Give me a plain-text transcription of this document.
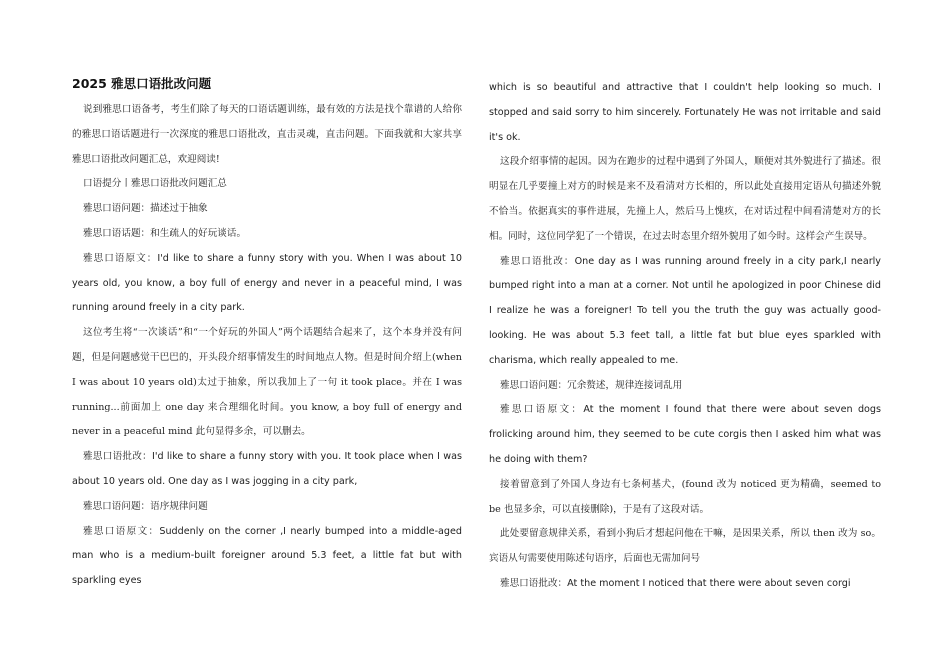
2025 雅思口语批改问题

说到雅思口语备考，考生们除了每天的口语话题训练，最有效的方法是找个靠谱的人给你的雅思口语话题进行一次深度的雅思口语批改，直击灵魂，直击问题。下面我就和大家共享雅思口语批改问题汇总，欢迎阅读!

口语提分丨雅思口语批改问题汇总

雅思口语问题：描述过于抽象

雅思口语话题：和生疏人的好玩谈话。

雅思口语原文：I'd like to share a funny story with you. When I was about 10 years old, you know, a boy full of energy and never in a peaceful mind, I was running around freely in a city park.

这位考生将“一次谈话”和“一个好玩的外国人”两个话题结合起来了，这个本身并没有问题，但是问题感觉干巴巴的，开头段介绍事情发生的时间地点人物。但是时间介绍上(when I was about 10 years old)太过于抽象，所以我加上了一句 it took place。并在 I was running...前面加上 one day 来合理细化时间。you know, a boy full of energy and never in a peaceful mind 此句显得多余，可以删去。

雅思口语批改：I'd like to share a funny story with you. It took place when I was about 10 years old. One day as I was jogging in a city park,

雅思口语问题：语序规律问题

雅思口语原文：Suddenly on the corner ,I nearly bumped into a middle-aged man who is a medium-built foreigner around 5.3 feet, a little fat but with sparkling eyes

which is so beautiful and attractive that I couldn't help looking so much. I stopped and said sorry to him sincerely. Fortunately He was not irritable and said it's ok.

这段介绍事情的起因。因为在跑步的过程中遇到了外国人，顺便对其外貌进行了描述。很明显在几乎要撞上对方的时候是来不及看清对方长相的，所以此处直接用定语从句描述外貌不恰当。依据真实的事件进展，先撞上人，然后马上愧疚，在对话过程中间看清楚对方的长相。同时，这位同学犯了一个错误，在过去时态里介绍外貌用了如今时。这样会产生误导。

雅思口语批改：One day as I was running around freely in a city park,I nearly bumped right into a man at a corner. Not until he apologized in poor Chinese did I realize he was a foreigner! To tell you the truth the guy was actually good-looking. He was about 5.3 feet tall, a little fat but blue eyes sparkled with charisma, which really appealed to me.

雅思口语问题：冗余赘述，规律连接词乱用

雅思口语原文：At the moment I found that there were about seven dogs frolicking around him, they seemed to be cute corgis then I asked him what was he doing with them?

接着留意到了外国人身边有七条柯基犬，(found 改为 noticed 更为精确，seemed to be 也显多余，可以直接删除)，于是有了这段对话。

此处要留意规律关系，看到小狗后才想起问他在干嘛，是因果关系，所以 then 改为 so。宾语从句需要使用陈述句语序，后面也无需加问号

雅思口语批改：At the moment I noticed that there were about seven corgi
